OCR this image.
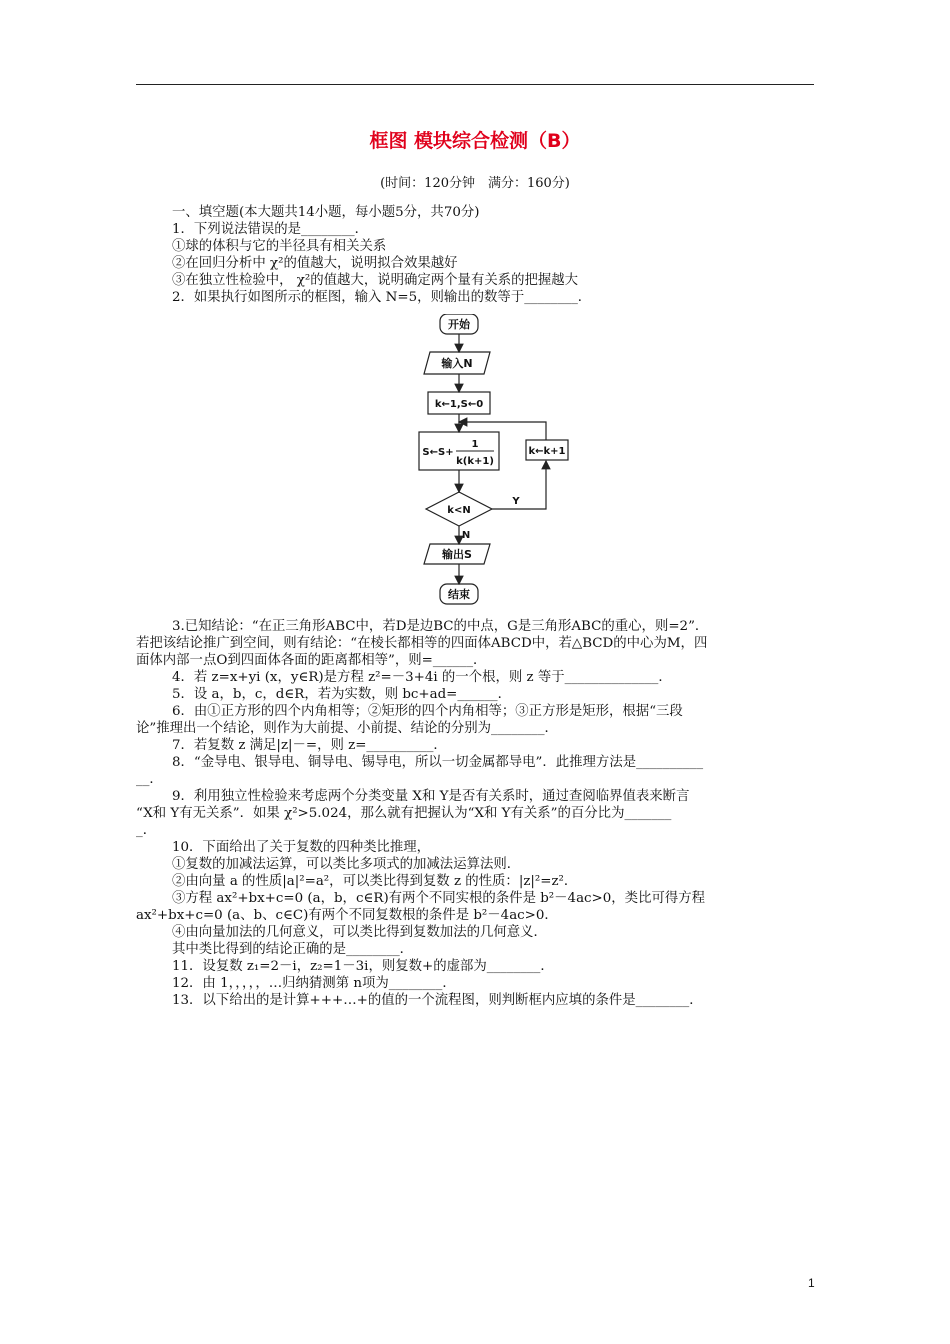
框图 模块综合检测（B）
(时间：120分钟　满分：160分)
一、填空题(本大题共14小题，每小题5分，共70分)
1．下列说法错误的是________．
①球的体积与它的半径具有相关关系
②在回归分析中 χ²的值越大，说明拟合效果越好
③在独立性检验中， χ²的值越大，说明确定两个量有关系的把握越大
2．如果执行如图所示的框图，输入 N=5，则输出的数等于________．
开始
输入N
k←1,S←0
S←S+
1
k(k+1)
k←k+1
k<N
Y
N
输出S
结束
3.已知结论：“在正三角形ABC中，若D是边BC的中点，G是三角形ABC的重心，则=2”．
若把该结论推广到空间，则有结论：“在棱长都相等的四面体ABCD中，若△BCD的中心为M，四
面体内部一点O到四面体各面的距离都相等”，则=______．
4．若 z=x+yi (x，y∈R)是方程 z²=－3+4i 的一个根，则 z 等于______________．
5．设 a，b，c，d∈R，若为实数，则 bc+ad=______．
6．由①正方形的四个内角相等；②矩形的四个内角相等；③正方形是矩形，根据“三段
论”推理出一个结论，则作为大前提、小前提、结论的分别为________．
7．若复数 z 满足|z|－=，则 z=__________．
8．“金导电、银导电、铜导电、锡导电，所以一切金属都导电”．此推理方法是__________
__．
9．利用独立性检验来考虑两个分类变量 X和 Y是否有关系时，通过查阅临界值表来断言
“X和 Y有无关系”．如果 χ²>5.024，那么就有把握认为“X和 Y有关系”的百分比为_______
_．
10．下面给出了关于复数的四种类比推理，
①复数的加减法运算，可以类比多项式的加减法运算法则．
②由向量 a 的性质|a|²=a²，可以类比得到复数 z 的性质：|z|²=z²．
③方程 ax²+bx+c=0 (a，b，c∈R)有两个不同实根的条件是 b²－4ac>0，类比可得方程
ax²+bx+c=0 (a、b、c∈C)有两个不同复数根的条件是 b²－4ac>0．
④由向量加法的几何意义，可以类比得到复数加法的几何意义．
其中类比得到的结论正确的是________．
11．设复数 z₁=2－i，z₂=1－3i，则复数+的虚部为________．
12．由 1，，，，，…归纳猜测第 n项为________．
13．以下给出的是计算+++…+的值的一个流程图，则判断框内应填的条件是________．
1
